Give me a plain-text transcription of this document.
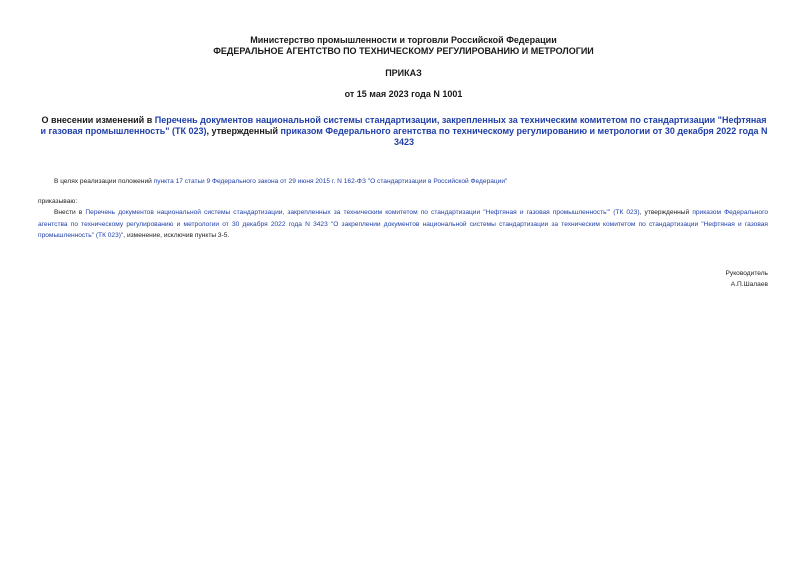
Министерство промышленности и торговли Российской Федерации
ФЕДЕРАЛЬНОЕ АГЕНТСТВО ПО ТЕХНИЧЕСКОМУ РЕГУЛИРОВАНИЮ И МЕТРОЛОГИИ
ПРИКАЗ
от 15 мая 2023 года N 1001
О внесении изменений в Перечень документов национальной системы стандартизации, закрепленных за техническим комитетом по стандартизации "Нефтяная и газовая промышленность" (ТК 023), утвержденный приказом Федерального агентства по техническому регулированию и метрологии от 30 декабря 2022 года N 3423
В целях реализации положений пункта 17 статьи 9 Федерального закона от 29 июня 2015 г. N 162-ФЗ "О стандартизации в Российской Федерации"
приказываю:
Внести в Перечень документов национальной системы стандартизации, закрепленных за техническим комитетом по стандартизации "Нефтяная и газовая промышленность"' (ТК 023), утвержденный приказом Федерального агентства по техническому регулированию и метрологии от 30 декабря 2022 года N 3423 "О закреплении документов национальной системы стандартизации за техническим комитетом по стандартизации "Нефтяная и газовая промышленность" (ТК 023)", изменение, исключив пункты 3-5.
Руководитель
А.П.Шалаев
